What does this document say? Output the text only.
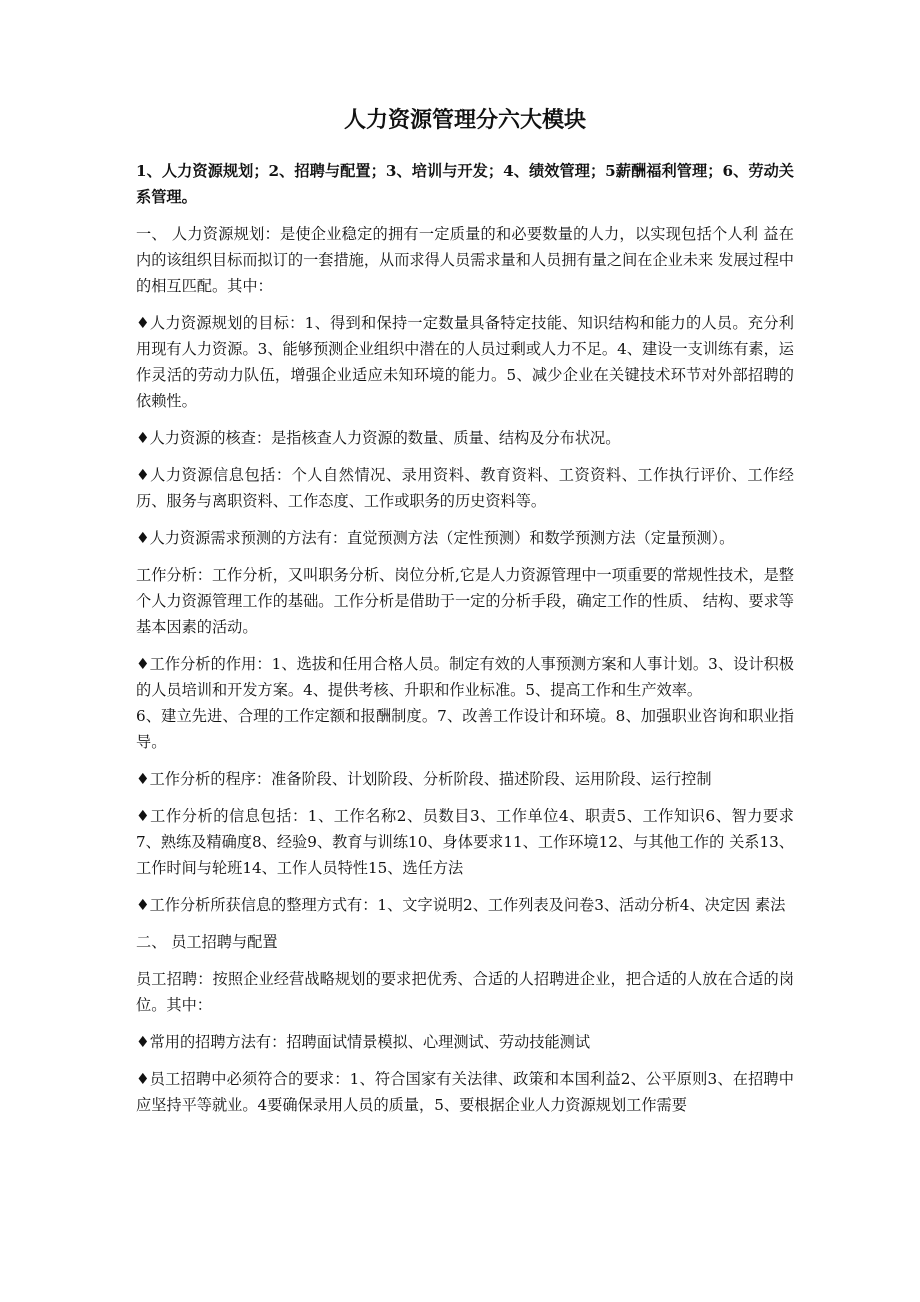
人力资源管理分六大模块
1、人力资源规划；2、招聘与配置；3、培训与开发；4、绩效管理；5薪酬福利管理；6、劳动关系管理。
一、 人力资源规划：是使企业稳定的拥有一定质量的和必要数量的人力，以实现包括个人利 益在内的该组织目标而拟订的一套措施，从而求得人员需求量和人员拥有量之间在企业未来 发展过程中的相互匹配。其中：
♦人力资源规划的目标：1、得到和保持一定数量具备特定技能、知识结构和能力的人员。充分利用现有人力资源。3、能够预测企业组织中潜在的人员过剩或人力不足。4、建设一支训练有素，运作灵活的劳动力队伍，增强企业适应未知环境的能力。5、减少企业在关键技术环节对外部招聘的依赖性。
♦人力资源的核查：是指核查人力资源的数量、质量、结构及分布状况。
♦人力资源信息包括：个人自然情况、录用资料、教育资料、工资资料、工作执行评价、工作经历、服务与离职资料、工作态度、工作或职务的历史资料等。
♦人力资源需求预测的方法有：直觉预测方法（定性预测）和数学预测方法（定量预测）。
工作分析：工作分析，又叫职务分析、岗位分析,它是人力资源管理中一项重要的常规性技术，是整个人力资源管理工作的基础。工作分析是借助于一定的分析手段，确定工作的性质、 结构、要求等基本因素的活动。
♦工作分析的作用：1、选拔和任用合格人员。制定有效的人事预测方案和人事计划。3、设计积极的人员培训和开发方案。4、提供考核、升职和作业标准。5、提高工作和生产效率。
6、建立先进、合理的工作定额和报酬制度。7、改善工作设计和环境。8、加强职业咨询和职业指导。
♦工作分析的程序：准备阶段、计划阶段、分析阶段、描述阶段、运用阶段、运行控制
♦工作分析的信息包括：1、工作名称2、员数目3、工作单位4、职责5、工作知识6、智力要求7、熟练及精确度8、经验9、教育与训练10、身体要求11、工作环境12、与其他工作的 关系13、工作时间与轮班14、工作人员特性15、选任方法
♦工作分析所获信息的整理方式有：1、文字说明2、工作列表及问卷3、活动分析4、决定因 素法
二、 员工招聘与配置
员工招聘：按照企业经营战略规划的要求把优秀、合适的人招聘进企业，把合适的人放在合适的岗位。其中：
♦常用的招聘方法有：招聘面试情景模拟、心理测试、劳动技能测试
♦员工招聘中必须符合的要求：1、符合国家有关法律、政策和本国利益2、公平原则3、在招聘中应坚持平等就业。4要确保录用人员的质量，5、要根据企业人力资源规划工作需要
